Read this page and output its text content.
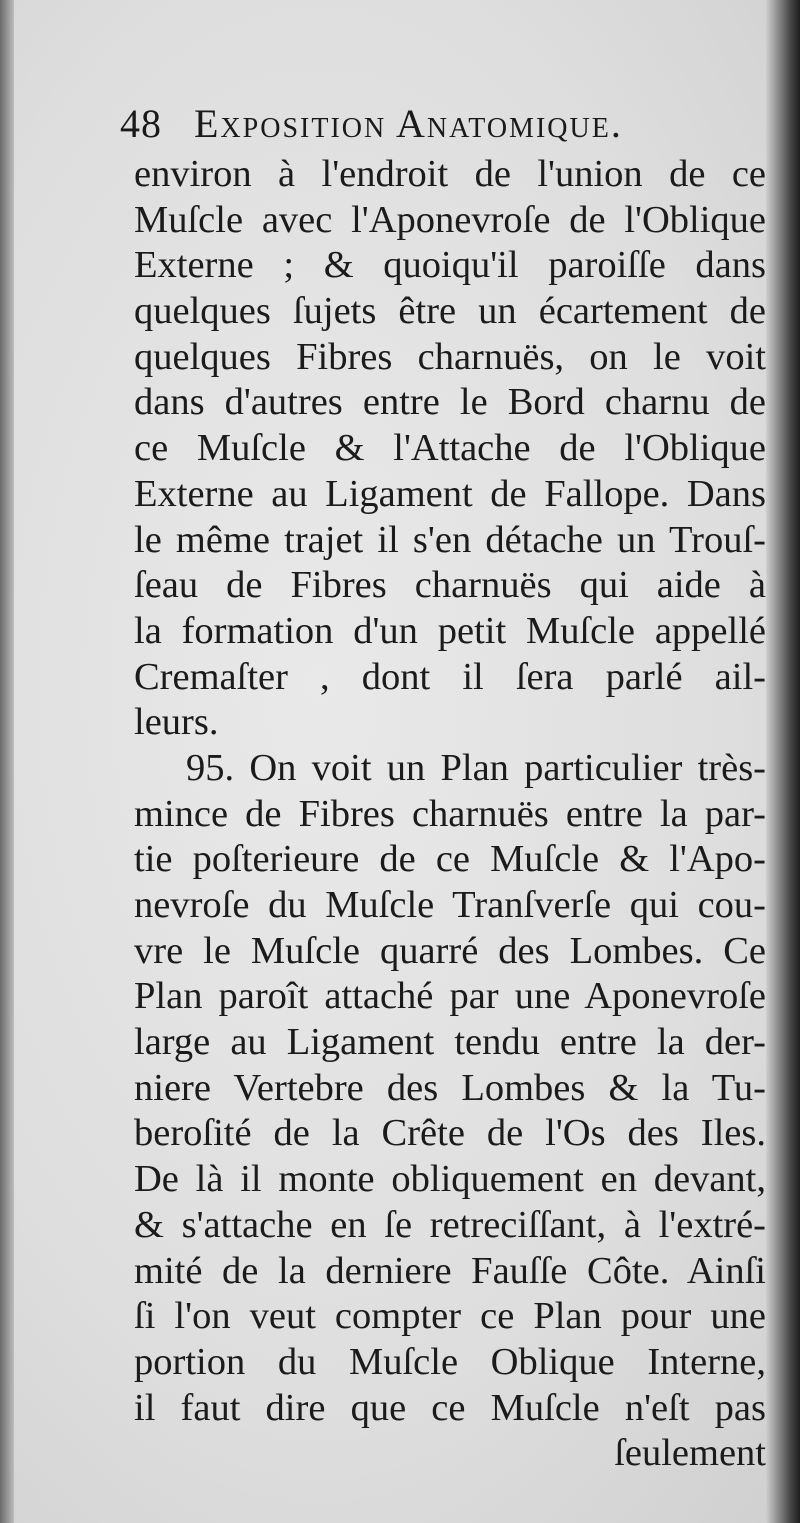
48 Exposition Anatomique.
environ à l'endroit de l'union de ce
Muſcle avec l'Aponevroſe de l'Oblique
Externe ; & quoiqu'il paroiſſe dans
quelques ſujets être un écartement de
quelques Fibres charnuës, on le voit
dans d'autres entre le Bord charnu de
ce Muſcle & l'Attache de l'Oblique
Externe au Ligament de Fallope. Dans
le même trajet il s'en détache un Trouſ-
ſeau de Fibres charnuës qui aide à
la formation d'un petit Muſcle appellé
Cremaſter , dont il ſera parlé ail-
leurs.
95. On voit un Plan particulier très-
mince de Fibres charnuës entre la par-
tie poſterieure de ce Muſcle & l'Apo-
nevroſe du Muſcle Tranſverſe qui cou-
vre le Muſcle quarré des Lombes. Ce
Plan paroît attaché par une Aponevroſe
large au Ligament tendu entre la der-
niere Vertebre des Lombes & la Tu-
beroſité de la Crête de l'Os des Iles.
De là il monte obliquement en devant,
& s'attache en ſe retreciſſant, à l'extré-
mité de la derniere Fauſſe Côte. Ainſi
ſi l'on veut compter ce Plan pour une
portion du Muſcle Oblique Interne,
il faut dire que ce Muſcle n'eſt pas
ſeulement
